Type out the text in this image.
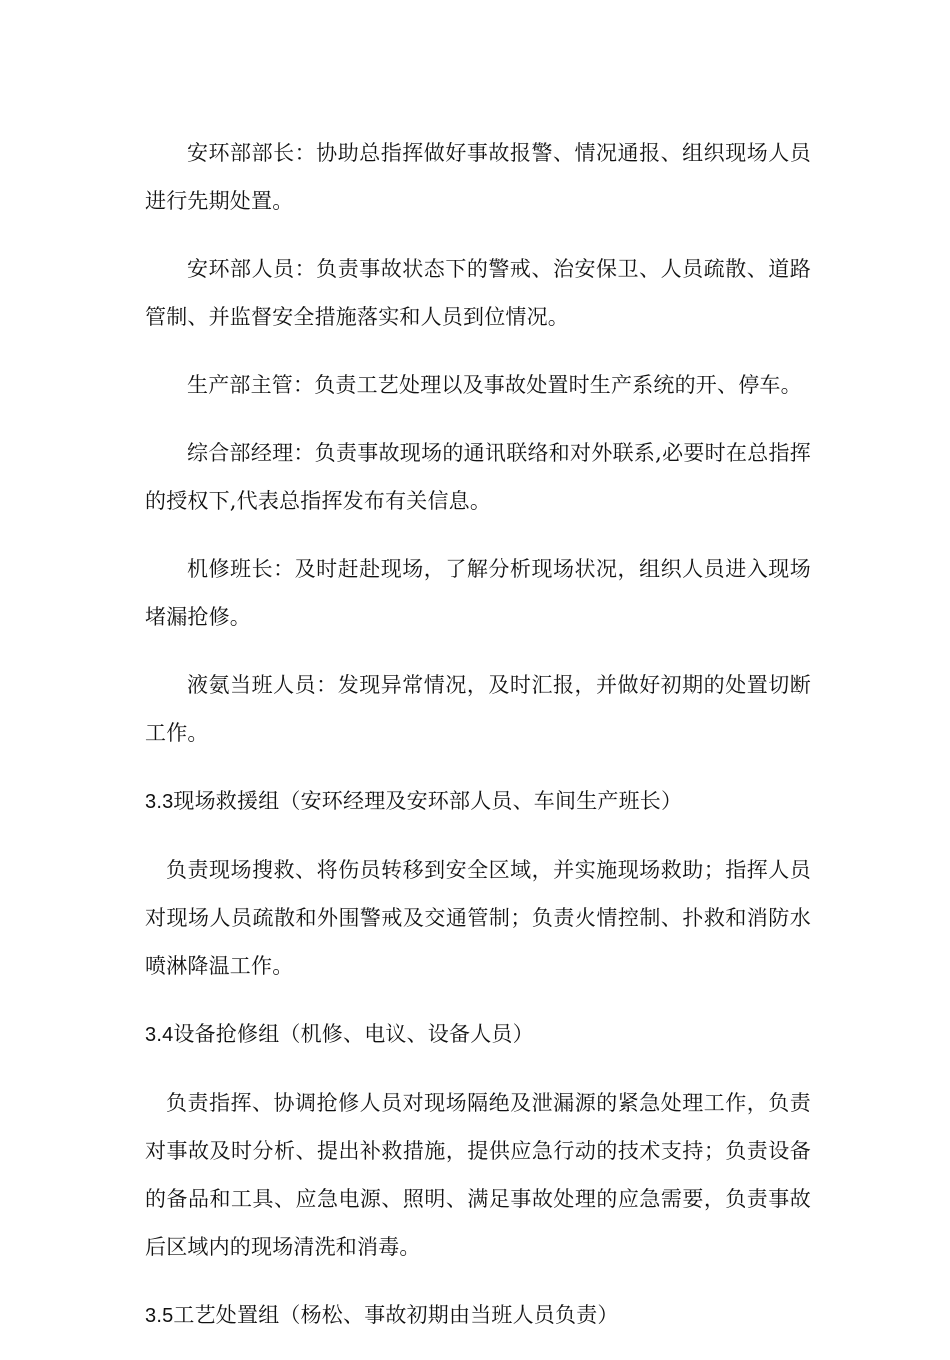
安环部部长：协助总指挥做好事故报警、情况通报、组织现场人员进行先期处置。

安环部人员：负责事故状态下的警戒、治安保卫、人员疏散、道路管制、并监督安全措施落实和人员到位情况。

生产部主管：负责工艺处理以及事故处置时生产系统的开、停车。

综合部经理：负责事故现场的通讯联络和对外联系,必要时在总指挥的授权下,代表总指挥发布有关信息。

机修班长：及时赶赴现场，了解分析现场状况，组织人员进入现场堵漏抢修。

液氨当班人员：发现异常情况，及时汇报，并做好初期的处置切断工作。

3.3现场救援组（安环经理及安环部人员、车间生产班长）

负责现场搜救、将伤员转移到安全区域，并实施现场救助；指挥人员对现场人员疏散和外围警戒及交通管制；负责火情控制、扑救和消防水喷淋降温工作。

3.4设备抢修组（机修、电议、设备人员）

负责指挥、协调抢修人员对现场隔绝及泄漏源的紧急处理工作，负责对事故及时分析、提出补救措施，提供应急行动的技术支持；负责设备的备品和工具、应急电源、照明、满足事故处理的应急需要，负责事故后区域内的现场清洗和消毒。

3.5工艺处置组（杨松、事故初期由当班人员负责）
